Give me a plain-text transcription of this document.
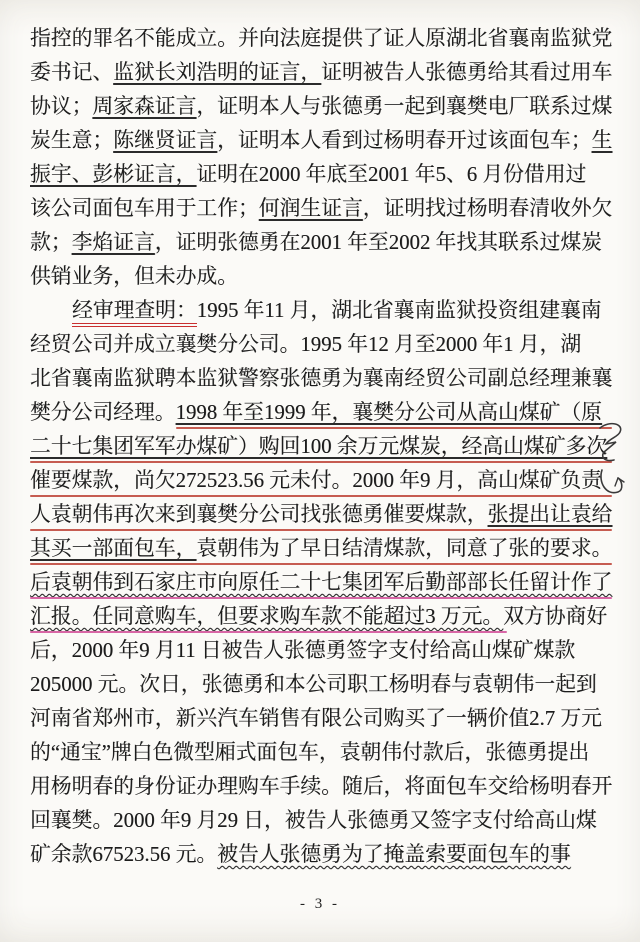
指控的罪名不能成立。并向法庭提供了证人原湖北省襄南监狱党
委书记、监狱长刘浩明的证言，证明被告人张德勇给其看过用车
协议；周家森证言，证明本人与张德勇一起到襄樊电厂联系过煤
炭生意；陈继贤证言，证明本人看到过杨明春开过该面包车；生
振宇、彭彬证言，证明在2000 年底至2001 年5、6 月份借用过
该公司面包车用于工作；何润生证言，证明找过杨明春清收外欠
款；李焰证言，证明张德勇在2001 年至2002 年找其联系过煤炭
供销业务，但未办成。
经审理查明：1995 年11 月，湖北省襄南监狱投资组建襄南
经贸公司并成立襄樊分公司。1995 年12 月至2000 年1 月，湖
北省襄南监狱聘本监狱警察张德勇为襄南经贸公司副总经理兼襄
樊分公司经理。1998 年至1999 年，襄樊分公司从高山煤矿（原
二十七集团军军办煤矿）购回100 余万元煤炭，经高山煤矿多次
催要煤款，尚欠272523.56 元未付。2000 年9 月，高山煤矿负责
人袁朝伟再次来到襄樊分公司找张德勇催要煤款，张提出让袁给
其买一部面包车，袁朝伟为了早日结清煤款，同意了张的要求。
后袁朝伟到石家庄市向原任二十七集团军后勤部部长任留计作了
汇报。任同意购车，但要求购车款不能超过3 万元。双方协商好
后，2000 年9 月11 日被告人张德勇签字支付给高山煤矿煤款
205000 元。次日，张德勇和本公司职工杨明春与袁朝伟一起到
河南省郑州市，新兴汽车销售有限公司购买了一辆价值2.7 万元
的“通宝”牌白色微型厢式面包车，袁朝伟付款后，张德勇提出
用杨明春的身份证办理购车手续。随后，将面包车交给杨明春开
回襄樊。2000 年9 月29 日，被告人张德勇又签字支付给高山煤
矿余款67523.56 元。被告人张德勇为了掩盖索要面包车的事
- 3 -
